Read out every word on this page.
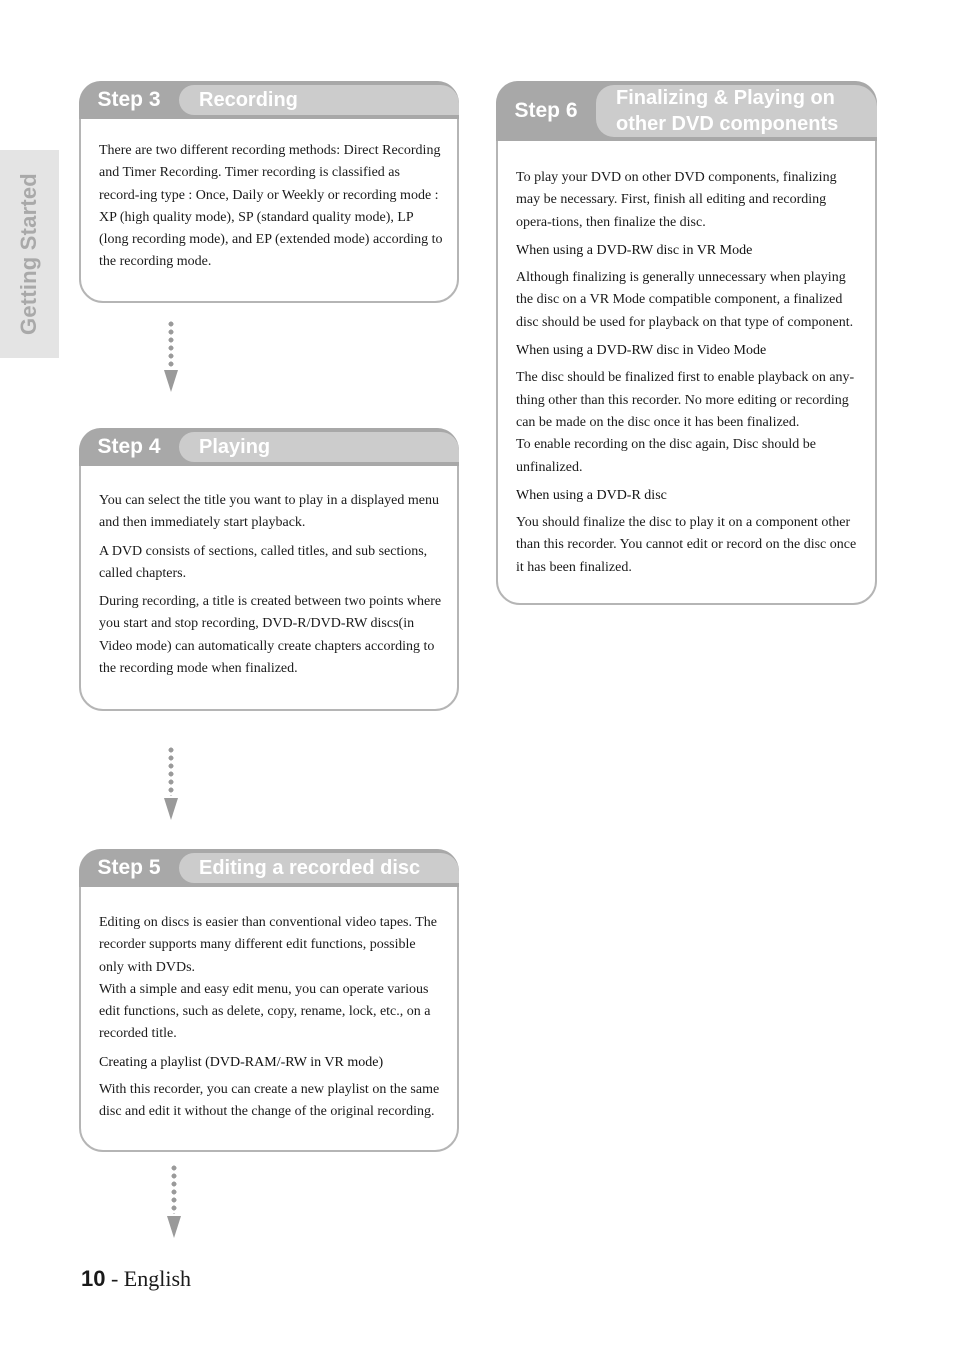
Getting Started
Step 3	Recording

There are two different recording methods: Direct Recording and Timer Recording. Timer recording is classified as record-ing type : Once, Daily or Weekly or recording mode : XP (high quality mode), SP (standard quality mode), LP (long recording mode), and EP (extended mode) according to the recording mode.

Step 4	Playing

You can select the title you want to play in a displayed menu and then immediately start playback.

A DVD consists of sections, called titles, and sub sections, called chapters.

During recording, a title is created between two points where you start and stop recording, DVD-R/DVD-RW discs(in Video mode) can automatically create chapters according to the recording mode when finalized.

Step 5	Editing a recorded disc

Editing on discs is easier than conventional video tapes. The recorder supports many different edit functions, possible only with DVDs.

With a simple and easy edit menu, you can operate various edit functions, such as delete, copy, rename, lock, etc., on a recorded title.

Creating a playlist (DVD-RAM/-RW in VR mode)

With this recorder, you can create a new playlist on the same disc and edit it without the change of the original recording.

Step 6
Finalizing & Playing on
other DVD components

To play your DVD on other DVD components, finalizing may be necessary. First, finish all editing and recording opera-tions, then finalize the disc.

When using a DVD-RW disc in VR Mode

Although finalizing is generally unnecessary when playing the disc on a VR Mode compatible component, a finalized disc should be used for playback on that type of component.

When using a DVD-RW disc in Video Mode

The disc should be finalized first to enable playback on any-thing other than this recorder. No more editing or recording can be made on the disc once it has been finalized.

To enable recording on the disc again, Disc should be unfinalized.

When using a DVD-R disc

You should finalize the disc to play it on a component other than this recorder. You cannot edit or record on the disc once it has been finalized.

10 - English
